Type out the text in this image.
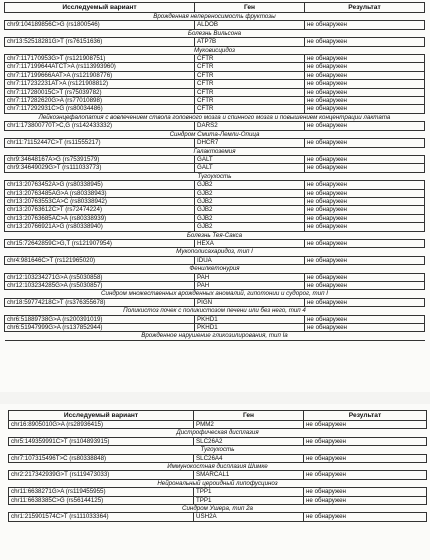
Исследуемый вариант	Ген	Результат
Врожденная непереносимость фруктозы		
chr9:104189856C>G (rs1800546)	ALDOB	не обнаружен
Болезнь Вильсона		
chr13:52518281G>T (rs76151636)	ATP7B	не обнаружен
Муковисцидоз		
chr7:117170953G>T (rs121908751)	CFTR	не обнаружен
chr7:117199644ATCT>A (rs113993960)	CFTR	не обнаружен
chr7:117199666AAT>A (rs121908776)	CFTR	не обнаружен
chr7:117232231AT>A (rs121908812)	CFTR	не обнаружен
chr7:117280015C>T (rs75039782)	CFTR	не обнаружен
chr7:117282620G>A (rs77010898)	CFTR	не обнаружен
chr7:117292931C>G (rs80034486)	CFTR	не обнаружен
Лейкоэнцефалопатия с вовлечением ствола головного мозга и спинного мозга и повышением концентрации лактата		
chr1:173800770T>C,G (rs142433332)	DARS2	не обнаружен
Синдром Смита-Лемли-Опица		
chr11:71152447C>T (rs11555217)	DHCR7	не обнаружен
Галактоземия		
chr9:34648167A>G (rs75391579)	GALT	не обнаружен
chr9:34649029G>T (rs111033773)	GALT	не обнаружен
Тугоухость		
chr13:20763452A>G (rs80338945)	GJB2	не обнаружен
chr13:20763485AG>A (rs80338943)	GJB2	не обнаружен
chr13:20763553CA>C (rs80338942)	GJB2	не обнаружен
chr13:20763612C>T (rs72474224)	GJB2	не обнаружен
chr13:20763685AC>A (rs80338939)	GJB2	не обнаружен
chr13:20766921A>G (rs80338940)	GJB2	не обнаружен
Болезнь Тея-Сакса		
chr15:72642859C>G,T (rs121907954)	HEXA	не обнаружен
Мукополисахаридоз, тип I		
chr4:981646C>T (rs121965020)	IDUA	не обнаружен
Фенилкетонурия		
chr12:103234271G>A (rs5030858)	PAH	не обнаружен
chr12:103234285G>A (rs5030857)	PAH	не обнаружен
Синдром множественных врожденных аномалий, гипотонии и судорог, тип I		
chr18:59774218C>T (rs376355678)	PIGN	не обнаружен
Поликистоз почек с поликистозом печени или без него, тип 4		
chr6:51889738G>A (rs200391019)	PKHD1	не обнаружен
chr6:51947999G>A (rs137852944)	PKHD1	не обнаружен
Врожденное нарушение гликозилирования, тип Ia		
Исследуемый вариант	Ген	Результат
chr16:8905010G>A (rs28936415)	PMM2	не обнаружен
Дистрофическая дисплазия		
chr5:149359991C>T (rs104893915)	SLC26A2	не обнаружен
Тугоухость		
chr7:107315496T>C (rs80338848)	SLC26A4	не обнаружен
Иммунокостная дисплазия Шимке		
chr2:217342939G>T (rs119473033)	SMARCAL1	не обнаружен
Нейрональный цероидный липофусциноз		
chr11:6638271G>A (rs119455955)	TPP1	не обнаружен
chr11:6638385C>G (rs56144125)	TPP1	не обнаружен
Синдром Ушера, тип 2а		
chr1:215901574C>T (rs111033364)	USH2A	не обнаружен
